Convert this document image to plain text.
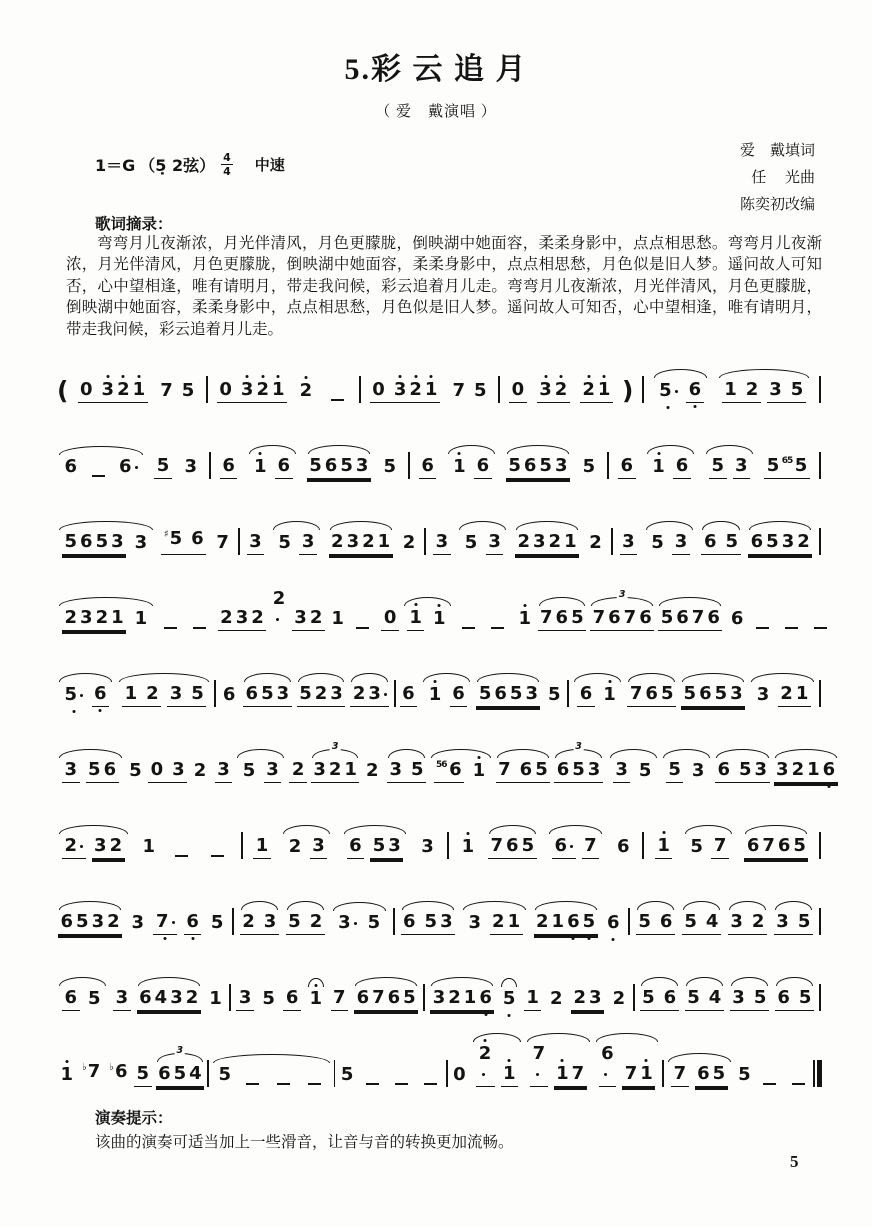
5.彩 云 追 月
（ 爱　戴演唱 ）
1＝G （5̣ 2弦） 4
4 中速
爱　戴填词
任　 光曲
陈奕初改编
歌词摘录：
弯弯月儿夜渐浓，月光伴清风，月色更朦胧，倒映湖中她面容，柔柔身影中，点点相思愁。弯弯月儿夜渐浓，月光伴清风，月色更朦胧，倒映湖中她面容，柔柔身影中，点点相思愁，月色似是旧人梦。遥问故人可知否，心中望相逢，唯有请明月，带走我问候，彩云追着月儿走。弯弯月儿夜渐浓，月光伴清风，月色更朦胧，倒映湖中她面容，柔柔身影中，点点相思愁，月色似是旧人梦。遥问故人可知否，心中望相逢，唯有请明月，带走我问候，彩云追着月儿走。
( 0 3 2 1 7 5 0 3 2 1 2	0 3 2 1 7 5 0 3 2 2 1 ) 5 6 1 2 3 5
6 6	5 3 6 1 6 5 6 5 3 5 6 1 6 5 6 5 3 5 6 1 6 5 3 5 65 5
5 6 5 3 3 ♯5 6 7 3 5 3 2 3 2 1 2 3 5 3 2 3 2 1 2 3 5 3 6 5 6 5 3 2
2 3 2 1 1	2 3 2
2
3 2 1 0 1 1	1 7 6 5
3
7 6 7 6 5 6 7 6 6
5 6 1 2 3 5 6 6 5 3 5 2 3 2 3	6 1 6 5 6 5 3 5 6 1 7 6 5 5 6 5 3 3 2 1
3 5 6 5 0 3 2 3 5 3 2
3
3 2 1 2 3 5 56 6 1 7 6 5
3
6 5 3 3 5 5 3 6 5 3 3 2 1 6
2 3 2 1	1 2 3 6 5 3 3 1 7 6 5 6 7 6 1 5 7 6 7 6 5
6 5 3 2 3 7 6 5 2 3 5 2 3 5 6 5 3 3 2 1 2 1 6 5 6 5 6 5 4 3 2 3 5
6 5 3 6 4 3 2 1 3 5 6 1 7 6 7 6 5 3 2 1 6 5 1 2 2 3 2 5 6 5 4 3 5 6 5
1 ♭7 ♭6 5
3
6 5 4 5	5	0
2
1
7
1 7
6
7 1 7 6 5 5
演奏提示：
该曲的演奏可适当加上一些滑音，让音与音的转换更加流畅。
5
